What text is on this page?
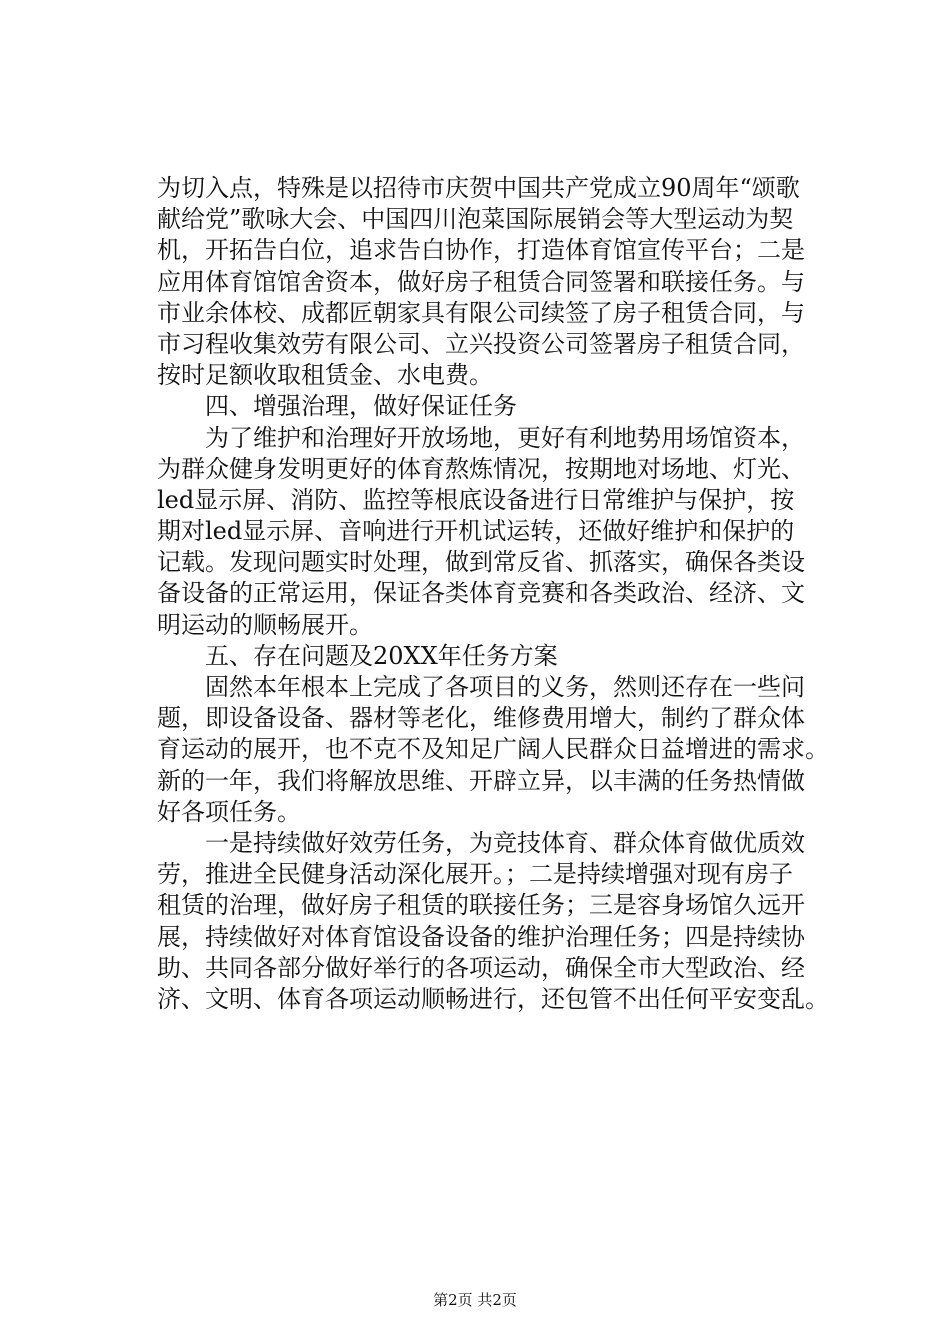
为切入点，特殊是以招待市庆贺中国共产党成立90周年“颂歌
献给党”歌咏大会、中国四川泡菜国际展销会等大型运动为契
机，开拓告白位，追求告白协作，打造体育馆宣传平台；二是
应用体育馆馆舍资本，做好房子租赁合同签署和联接任务。与
市业余体校、成都匠朝家具有限公司续签了房子租赁合同，与
市习程收集效劳有限公司、立兴投资公司签署房子租赁合同，
按时足额收取租赁金、水电费。
四、增强治理，做好保证任务
为了维护和治理好开放场地，更好有利地势用场馆资本，
为群众健身发明更好的体育熬炼情况，按期地对场地、灯光、
led显示屏、消防、监控等根底设备进行日常维护与保护，按
期对led显示屏、音响进行开机试运转，还做好维护和保护的
记载。发现问题实时处理，做到常反省、抓落实，确保各类设
备设备的正常运用，保证各类体育竞赛和各类政治、经济、文
明运动的顺畅展开。
五、存在问题及20XX年任务方案
固然本年根本上完成了各项目的义务，然则还存在一些问
题，即设备设备、器材等老化，维修费用增大，制约了群众体
育运动的展开，也不克不及知足广阔人民群众日益增进的需求。
新的一年，我们将解放思维、开辟立异，以丰满的任务热情做
好各项任务。
一是持续做好效劳任务，为竞技体育、群众体育做优质效
劳，推进全民健身活动深化展开。；二是持续增强对现有房子
租赁的治理，做好房子租赁的联接任务；三是容身场馆久远开
展，持续做好对体育馆设备设备的维护治理任务；四是持续协
助、共同各部分做好举行的各项运动，确保全市大型政治、经
济、文明、体育各项运动顺畅进行，还包管不出任何平安变乱。
第2页 共2页
